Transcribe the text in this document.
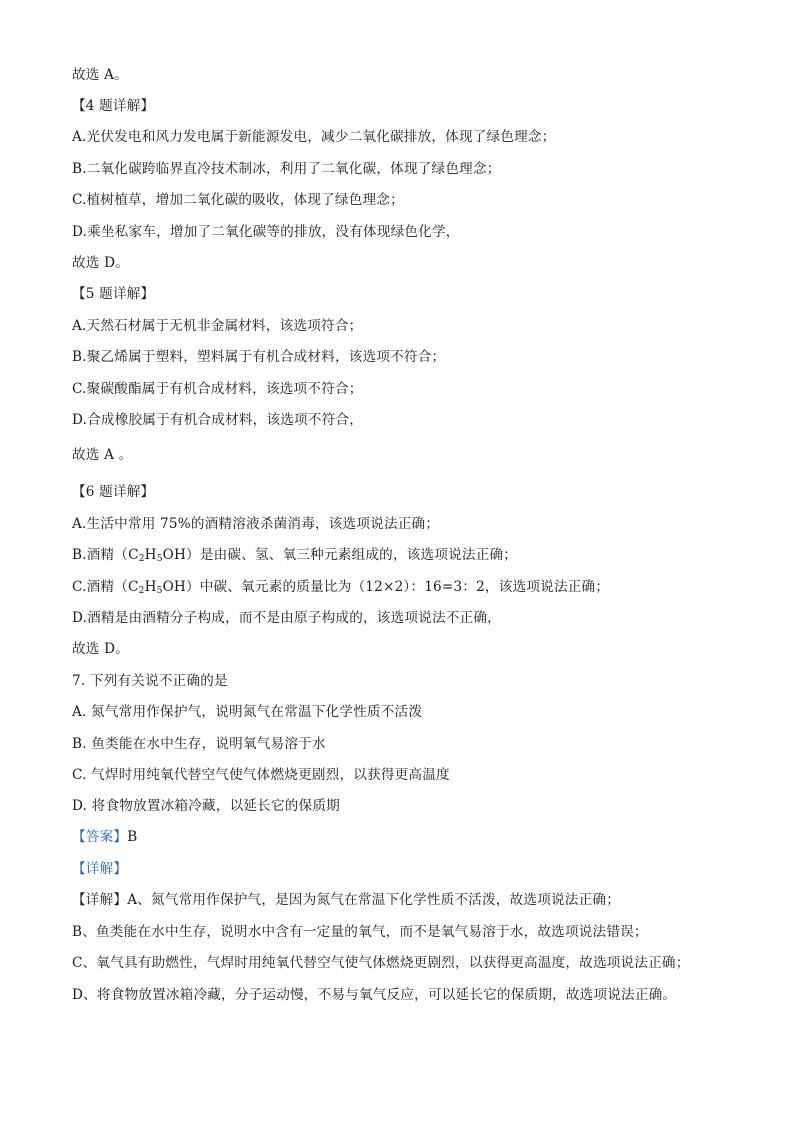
故选 A。
【4 题详解】
A.光伏发电和风力发电属于新能源发电，减少二氧化碳排放，体现了绿色理念；
B.二氧化碳跨临界直冷技术制冰，利用了二氧化碳，体现了绿色理念；
C.植树植草，增加二氧化碳的吸收，体现了绿色理念；
D.乘坐私家车，增加了二氧化碳等的排放，没有体现绿色化学，
故选 D。
【5 题详解】
A.天然石材属于无机非金属材料，该选项符合；
B.聚乙烯属于塑料，塑料属于有机合成材料，该选项不符合；
C.聚碳酸酯属于有机合成材料，该选项不符合；
D.合成橡胶属于有机合成材料，该选项不符合，
故选 A 。
【6 题详解】
A.生活中常用 75%的酒精溶液杀菌消毒，该选项说法正确；
B.酒精$(C_2H_5OH)$是由碳、氢、氧三种元素组成的，该选项说法正确；
C.酒精$(C_2H_5OH)$中碳、氧元素的质量比为（12×2）：16=3：2，该选项说法正确；
D.酒精是由酒精分子构成，而不是由原子构成的，该选项说法不正确，
故选 D。
7. 下列有关说不正确的是
A. 氮气常用作保护气，说明氮气在常温下化学性质不活泼
B. 鱼类能在水中生存，说明氧气易溶于水
C. 气焊时用纯氧代替空气使气体燃烧更剧烈，以获得更高温度
D. 将食物放置冰箱冷藏，以延长它的保质期
【答案】B
【详解】
【详解】A、氮气常用作保护气，是因为氮气在常温下化学性质不活泼，故选项说法正确；
B、鱼类能在水中生存，说明水中含有一定量的氧气，而不是氧气易溶于水，故选项说法错误；
C、氧气具有助燃性，气焊时用纯氧代替空气使气体燃烧更剧烈，以获得更高温度，故选项说法正确；
D、将食物放置冰箱冷藏，分子运动慢，不易与氧气反应，可以延长它的保质期，故选项说法正确。
